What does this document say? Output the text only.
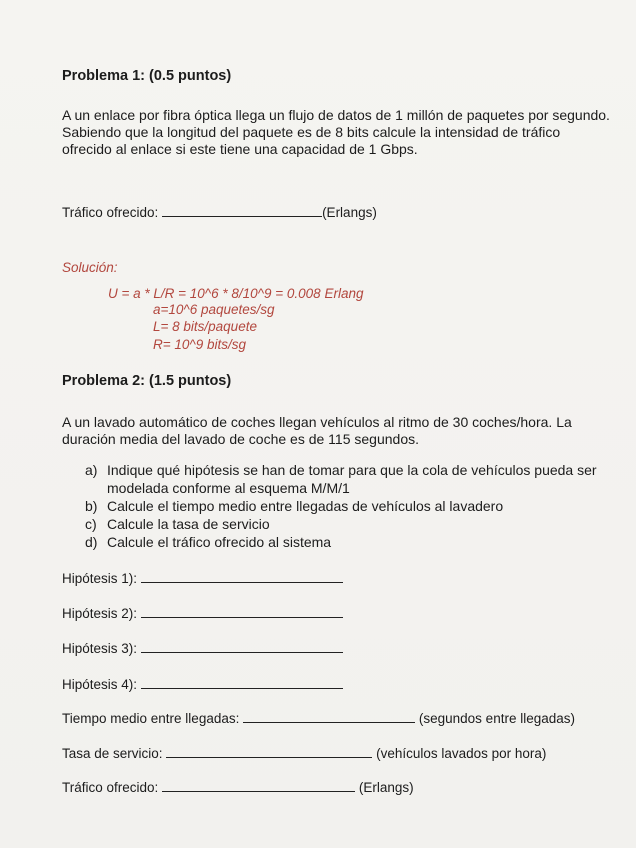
Problema 1: (0.5 puntos)
A un enlace por fibra óptica llega un flujo de datos de 1 millón de paquetes por segundo. Sabiendo que la longitud del paquete es de 8 bits calcule la intensidad de tráfico ofrecido al enlace si este tiene una capacidad de 1 Gbps.
Tráfico ofrecido:	(Erlangs)
Solución:
U = a * L/R = 10^6 * 8/10^9 = 0.008 Erlang
a=10^6 paquetes/sg
L= 8 bits/paquete
R= 10^9 bits/sg
Problema 2: (1.5 puntos)
A un lavado automático de coches llegan vehículos al ritmo de 30 coches/hora. La duración media del lavado de coche es de 115 segundos.
a) Indique qué hipótesis se han de tomar para que la cola de vehículos pueda ser modelada conforme al esquema M/M/1
b) Calcule el tiempo medio entre llegadas de vehículos al lavadero
c) Calcule la tasa de servicio
d) Calcule el tráfico ofrecido al sistema
Hipótesis 1):
Hipótesis 2):
Hipótesis 3):
Hipótesis 4):
Tiempo medio entre llegadas:	(segundos entre llegadas)
Tasa de servicio:	(vehículos lavados por hora)
Tráfico ofrecido:	(Erlangs)
